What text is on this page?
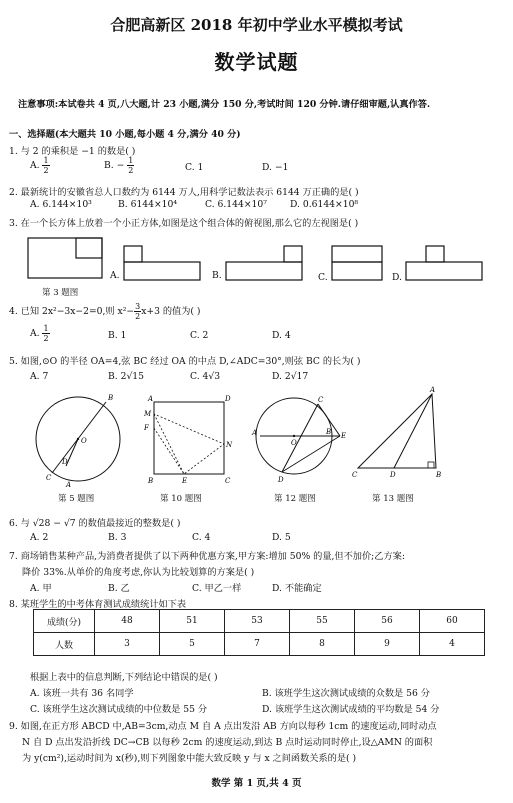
合肥高新区 2018 年初中学业水平模拟考试
数学试题
注意事项:本试卷共 4 页,八大题,计 23 小题,满分 150 分,考试时间 120 分钟.请仔细审题,认真作答.
一、选择题(本大题共 10 小题,每小题 4 分,满分 40 分)
1. 与 2 的乘积是 −1 的数是( )
A. $\frac{1}{2}$	B. − $\frac{1}{2}$	C. 1	D. −1
2. 最新统计的安徽省总人口数约为 6144 万人,用科学记数法表示 6144 万正确的是( )
A. 6.144×10³	B. 6144×10⁴	C. 6.144×10⁷	D. 0.6144×10⁸
3. 在一个长方体上放着一个小正方体,如图是这个组合体的俯视图,那么它的左视图是( )
第 3 题图
A.	B.	C.	D.
4. 已知 2x²−3x−2=0,则 $x^2- \frac{3}{2} x+3$ 的值为( )
A. $\frac{1}{2}$	B. 1	C. 2	D. 4
5. 如图,⊙O 的半径 OA=4,弦 BC 经过 OA 的中点 D,∠ADC=30°,则弦 BC 的长为( )
A. 7	B. 2√15	C. 4√3	D. 2√17
B
O
D
C
A
第 5 题图
A	D
M
F
N
B	E	C
第 10 题图
C
A
O
B E
D
第 12 题图
A
C	D	B
第 13 题图
6. 与 √28 − √7 的数值最接近的整数是( )
A. 2	B. 3	C. 4	D. 5
7. 商场销售某种产品,为消费者提供了以下两种优惠方案,甲方案:增加 50% 的量,但不加价;乙方案:
降价 33%.从单价的角度考虑,你认为比较划算的方案是( )
A. 甲	B. 乙	C. 甲乙一样	D. 不能确定
8. 某班学生的中考体育测试成绩统计如下表
成绩(分)	48	51	53	55	56	60
人数	3	5	7	8	9	4
根据上表中的信息判断,下列结论中错误的是( )
A. 该班一共有 36 名同学	B. 该班学生这次测试成绩的众数是 56 分
C. 该班学生这次测试成绩的中位数是 55 分	D. 该班学生这次测试成绩的平均数是 54 分
9. 如图,在正方形 ABCD 中,AB=3cm,动点 M 自 A 点出发沿 AB 方向以每秒 1cm 的速度运动,同时动点
N 自 D 点出发沿折线 DC→CB 以每秒 2cm 的速度运动,到达 B 点时运动同时停止,设△AMN 的面积
为 y(cm²),运动时间为 x(秒),则下列图象中能大致反映 y 与 x 之间函数关系的是( )
数学 第 1 页,共 4 页
